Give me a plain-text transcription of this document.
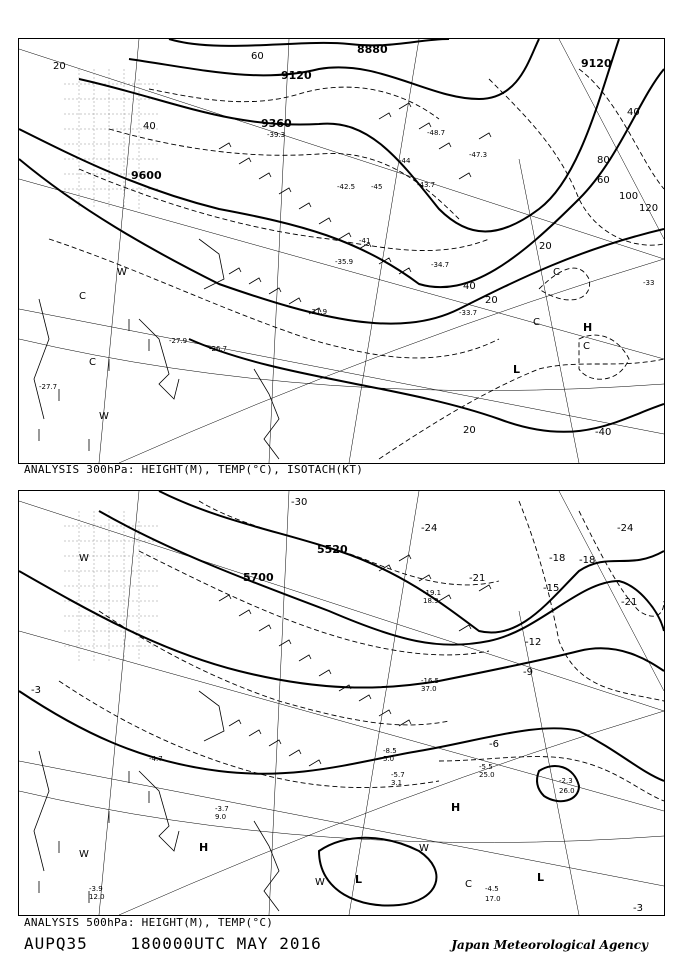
8880
9120
9360
9600
9120
20
40
60
80
100
120
60
40
20
20
40
20	-40
C
C
C
W
W
C
L
H
C
-45
-42.5
-39.3
-35.9
-33.7
-31.9
-27.9
-26.7
-27.7
-34.7
-33
-47.3
-48.7
-44
-43.7
-41
ANALYSIS 300hPa: HEIGHT(M), TEMP(°C), ISOTACH(KT)
5700
5520
-30
-24
-21
-18
-15
-12
-9
-6
-3
-3
-24
-21
-18
W
H
W
W	L	C
L
H
W
-4.5
17.0
-2.3
26.0
-5.7
3.1
-5.5
25.0
-8.5
5.0
-16.5
37.0
-19.1
18.9
-3.7
9.0
-3.9
12.0
-4.7
ANALYSIS 500hPa: HEIGHT(M), TEMP(°C)
AUPQ35	180000UTC MAY 2016	Japan Meteorological Agency
